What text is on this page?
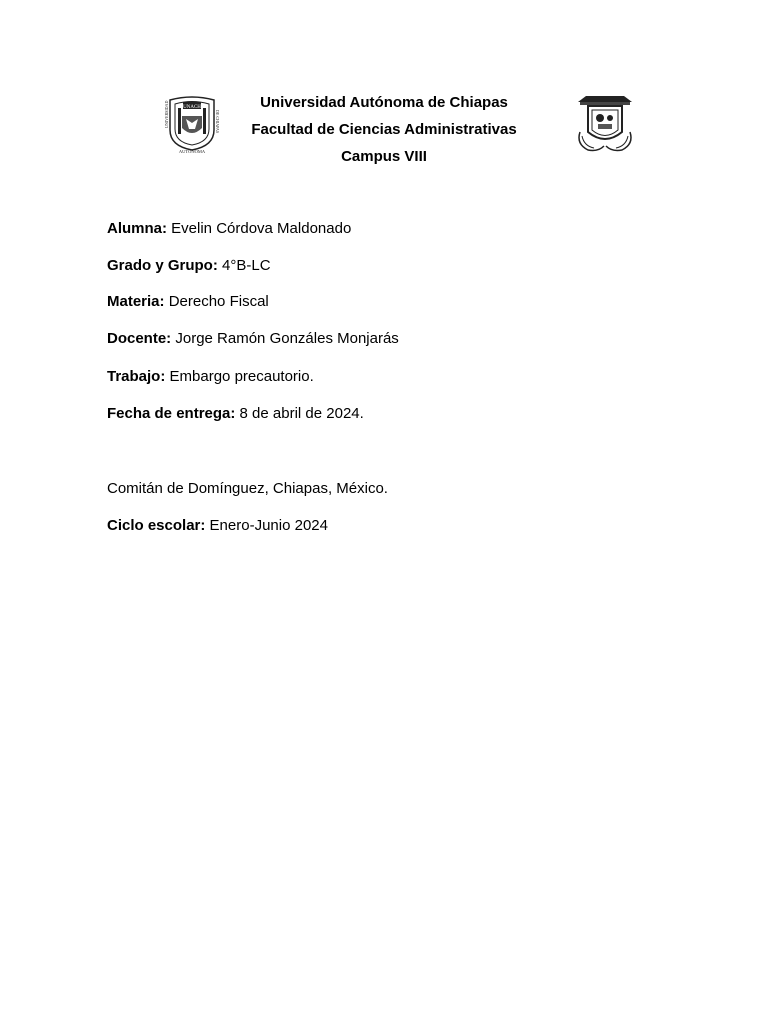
UNACH
UNIVERSIDAD	DE CHIAPAS
AUTONOMA
Universidad Autónoma de Chiapas
Facultad de Ciencias Administrativas
Campus VIII
Alumna: Evelin Córdova Maldonado
Grado y Grupo: 4°B-LC
Materia: Derecho Fiscal
Docente: Jorge Ramón Gonzáles Monjarás
Trabajo: Embargo precautorio.
Fecha de entrega: 8 de abril de 2024.
Comitán de Domínguez, Chiapas, México.
Ciclo escolar: Enero-Junio 2024
